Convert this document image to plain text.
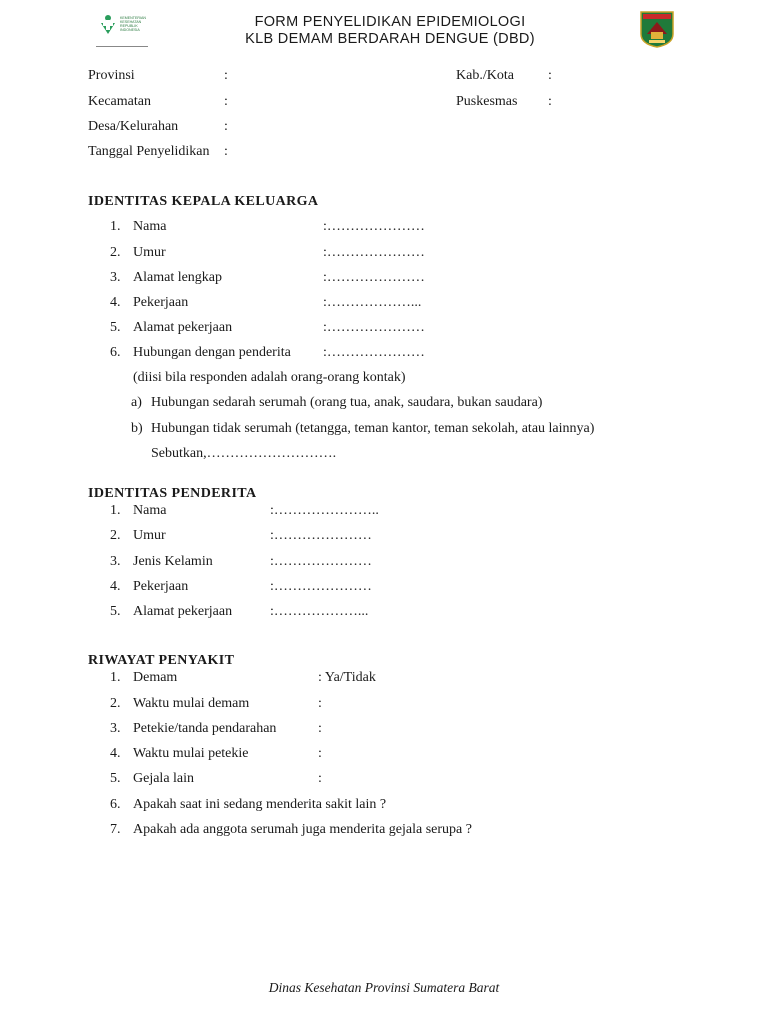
KEMENTERIAN
KESEHATAN
REPUBLIK
INDONESIA	FORM PENYELIDIKAN EPIDEMIOLOGI
KLB DEMAM BERDARAH DENGUE (DBD)
Provinsi	:	Kab./Kota :
Kecamatan	:	Puskesmas :
Desa/Kelurahan	:
Tanggal Penyelidikan :
IDENTITAS KEPALA KELUARGA
1. Nama	:…………………
2. Umur	:…………………
3. Alamat lengkap	:…………………
4. Pekerjaan	:………………...
5. Alamat pekerjaan	:…………………
6. Hubungan dengan penderita :…………………
(diisi bila responden adalah orang-orang kontak)
a) Hubungan sedarah serumah (orang tua, anak, saudara, bukan saudara)
b) Hubungan tidak serumah (tetangga, teman kantor, teman sekolah, atau lainnya)
Sebutkan,……………………….
IDENTITAS PENDERITA
1. Nama	:…………………..
2. Umur	:…………………
3. Jenis Kelamin	:…………………
4. Pekerjaan	:…………………
5. Alamat pekerjaan	:………………...
RIWAYAT PENYAKIT
1. Demam	: Ya/Tidak
2. Waktu mulai demam	:
3. Petekie/tanda pendarahan	:
4. Waktu mulai petekie	:
5. Gejala lain	:
6. Apakah saat ini sedang menderita sakit lain ?
7. Apakah ada anggota serumah juga menderita gejala serupa ?
Dinas Kesehatan Provinsi Sumatera Barat
